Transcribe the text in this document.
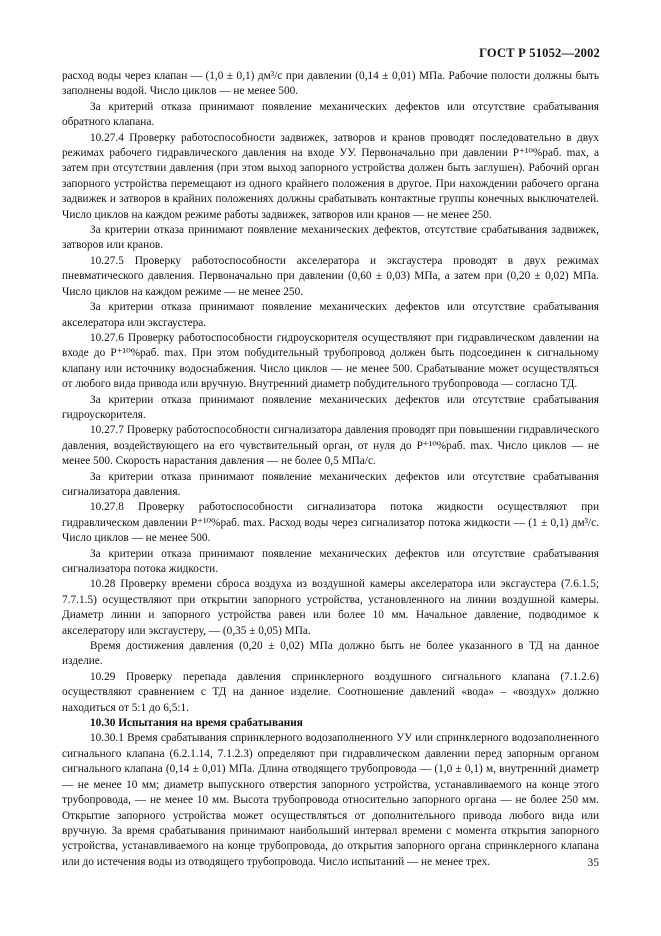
ГОСТ Р 51052—2002

расход воды через клапан — (1,0 ± 0,1) дм³/с при давлении (0,14 ± 0,01) МПа. Рабочие полости должны быть заполнены водой. Число циклов — не менее 500.

За критерий отказа принимают появление механических дефектов или отсутствие срабатывания обратного клапана.

10.27.4 Проверку работоспособности задвижек, затворов и кранов проводят последовательно в двух режимах рабочего гидравлического давления на входе УУ. Первоначально при давлении P⁺¹⁰%раб. max, а затем при отсутствии давления (при этом выход запорного устройства должен быть заглушен). Рабочий орган запорного устройства перемещают из одного крайнего положения в другое. При нахождении рабочего органа задвижек и затворов в крайних положениях должны срабатывать контактные группы конечных выключателей. Число циклов на каждом режиме работы задвижек, затворов или кранов — не менее 250.

За критерии отказа принимают появление механических дефектов, отсутствие срабатывания задвижек, затворов или кранов.

10.27.5 Проверку работоспособности акселератора и эксгаустера проводят в двух режимах пневматического давления. Первоначально при давлении (0,60 ± 0,03) МПа, а затем при (0,20 ± 0,02) МПа. Число циклов на каждом режиме — не менее 250.

За критерии отказа принимают появление механических дефектов или отсутствие срабатывания акселератора или эксгаустера.

10.27.6 Проверку работоспособности гидроускорителя осуществляют при гидравлическом давлении на входе до P⁺¹⁰%раб. max. При этом побудительный трубопровод должен быть подсоединен к сигнальному клапану или источнику водоснабжения. Число циклов — не менее 500. Срабатывание может осуществляться от любого вида привода или вручную. Внутренний диаметр побудительного трубопровода — согласно ТД.

За критерии отказа принимают появление механических дефектов или отсутствие срабатывания гидроускорителя.

10.27.7 Проверку работоспособности сигнализатора давления проводят при повышении гидравлического давления, воздействующего на его чувствительный орган, от нуля до P⁺¹⁰%раб. max. Число циклов — не менее 500. Скорость нарастания давления — не более 0,5 МПа/с.

За критерии отказа принимают появление механических дефектов или отсутствие срабатывания сигнализатора давления.

10.27.8 Проверку работоспособности сигнализатора потока жидкости осуществляют при гидравлическом давлении P⁺¹⁰%раб. max. Расход воды через сигнализатор потока жидкости — (1 ± 0,1) дм³/с. Число циклов — не менее 500.

За критерии отказа принимают появление механических дефектов или отсутствие срабатывания сигнализатора потока жидкости.

10.28 Проверку времени сброса воздуха из воздушной камеры акселератора или эксгаустера (7.6.1.5; 7.7.1.5) осуществляют при открытии запорного устройства, установленного на линии воздушной камеры. Диаметр линии и запорного устройства равен или более 10 мм. Начальное давление, подводимое к акселератору или эксгаустеру, — (0,35 ± 0,05) МПа.

Время достижения давления (0,20 ± 0,02) МПа должно быть не более указанного в ТД на данное изделие.

10.29 Проверку перепада давления спринклерного воздушного сигнального клапана (7.1.2.6) осуществляют сравнением с ТД на данное изделие. Соотношение давлений «вода» – «воздух» должно находиться от 5:1 до 6,5:1.

10.30 Испытания на время срабатывания

10.30.1 Время срабатывания спринклерного водозаполненного УУ или спринклерного водозаполненного сигнального клапана (6.2.1.14, 7.1.2.3) определяют при гидравлическом давлении перед запорным органом сигнального клапана (0,14 ± 0,01) МПа. Длина отводящего трубопровода — (1,0 ± 0,1) м, внутренний диаметр — не менее 10 мм; диаметр выпускного отверстия запорного устройства, устанавливаемого на конце этого трубопровода, — не менее 10 мм. Высота трубопровода относительно запорного органа — не более 250 мм. Открытие запорного устройства может осуществляться от дополнительного привода любого вида или вручную. За время срабатывания принимают наибольший интервал времени с момента открытия запорного устройства, устанавливаемого на конце трубопровода, до открытия запорного органа спринклерного клапана или до истечения воды из отводящего трубопровода. Число испытаний — не менее трех.	35
